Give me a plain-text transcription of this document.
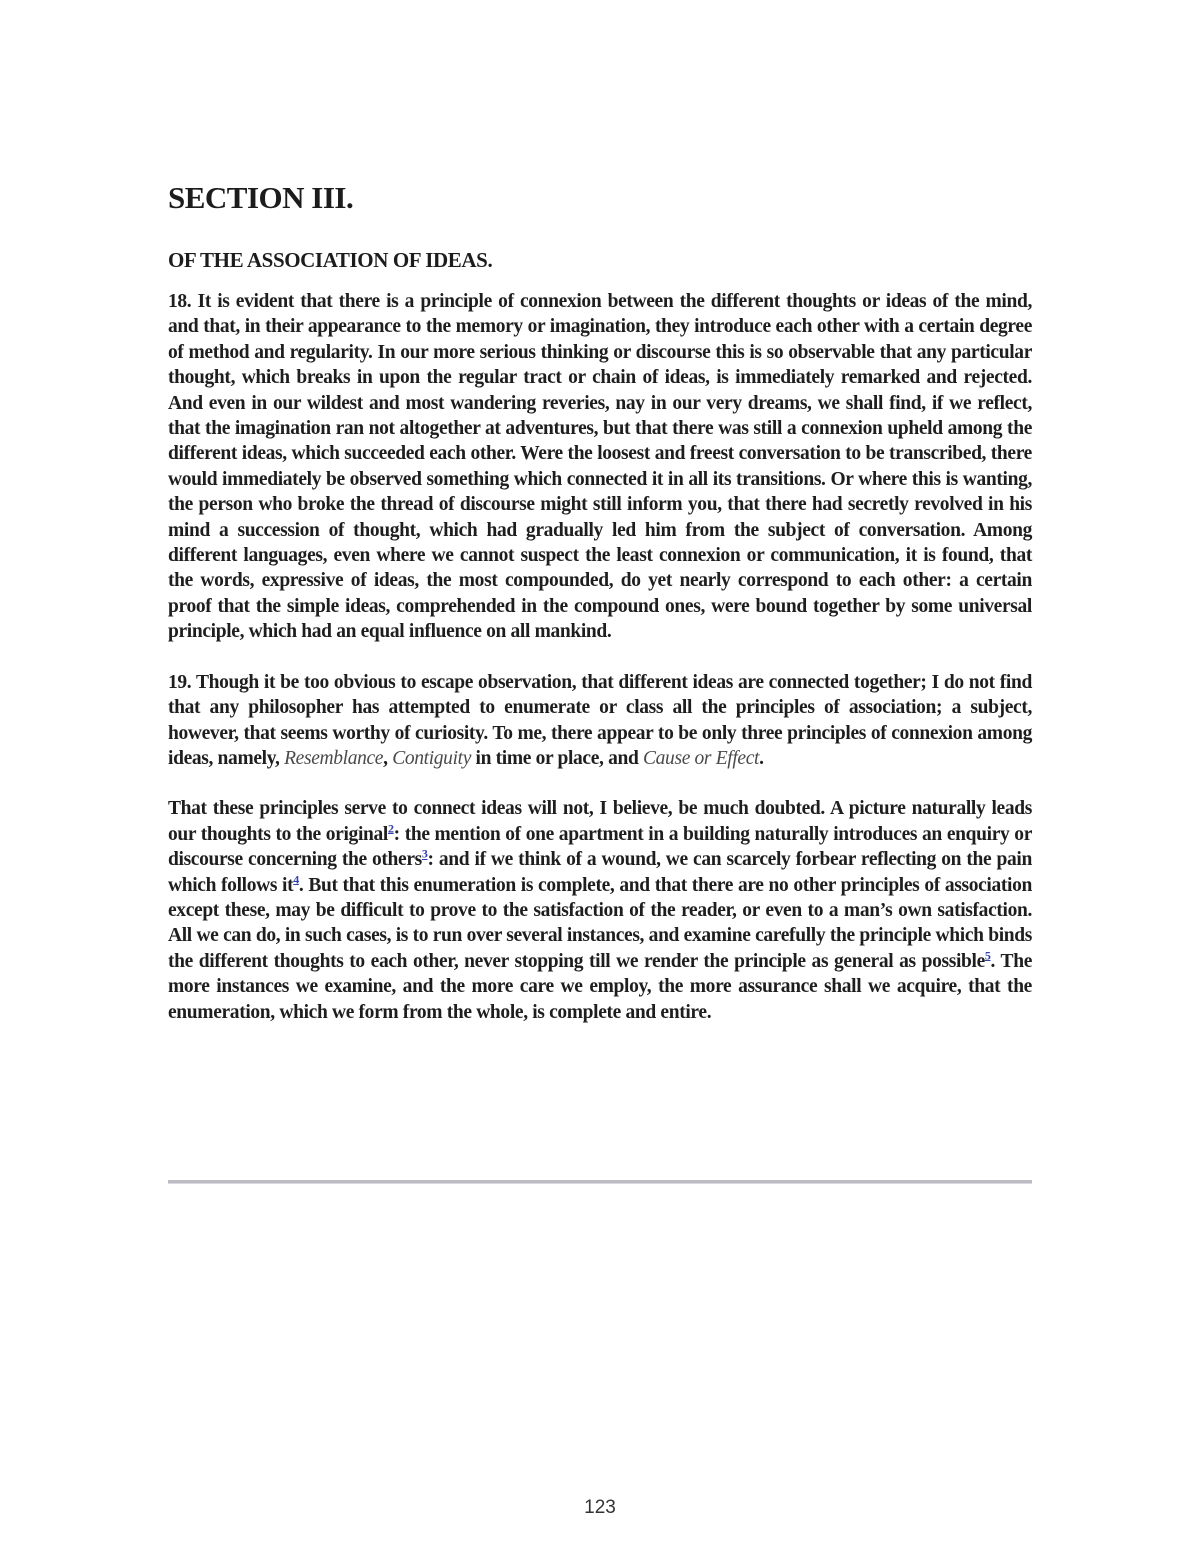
SECTION III.
OF THE ASSOCIATION OF IDEAS.

18. It is evident that there is a principle of connexion between the different thoughts or ideas of the mind, and that, in their appearance to the memory or imagination, they introduce each other with a certain degree of method and regularity. In our more serious thinking or discourse this is so observable that any particular thought, which breaks in upon the regular tract or chain of ideas, is immediately remarked and rejected. And even in our wildest and most wandering reveries, nay in our very dreams, we shall find, if we reflect, that the imagination ran not altogether at adventures, but that there was still a connexion upheld among the different ideas, which succeeded each other. Were the loosest and freest conversation to be transcribed, there would immediately be observed something which connected it in all its transitions. Or where this is wanting, the person who broke the thread of discourse might still inform you, that there had secretly revolved in his mind a succession of thought, which had gradually led him from the subject of conversation. Among different languages, even where we cannot suspect the least connexion or communication, it is found, that the words, expressive of ideas, the most compounded, do yet nearly correspond to each other: a certain proof that the simple ideas, comprehended in the compound ones, were bound together by some universal principle, which had an equal influence on all mankind.

19. Though it be too obvious to escape observation, that different ideas are connected together; I do not find that any philosopher has attempted to enumerate or class all the principles of association; a subject, however, that seems worthy of curiosity. To me, there appear to be only three principles of connexion among ideas, namely, Resemblance, Contiguity in time or place, and Cause or Effect.

That these principles serve to connect ideas will not, I believe, be much doubted. A picture naturally leads our thoughts to the original$^2$: the mention of one apartment in a building naturally introduces an enquiry or discourse concerning the others$^3$: and if we think of a wound, we can scarcely forbear reflecting on the pain which follows it$^4$. But that this enumeration is complete, and that there are no other principles of association except these, may be difficult to prove to the satisfaction of the reader, or even to a man’s own satisfaction. All we can do, in such cases, is to run over several instances, and examine carefully the principle which binds the different thoughts to each other, never stopping till we render the principle as general as possible$^5$. The more instances we examine, and the more care we employ, the more assurance shall we acquire, that the enumeration, which we form from the whole, is complete and entire.

123
